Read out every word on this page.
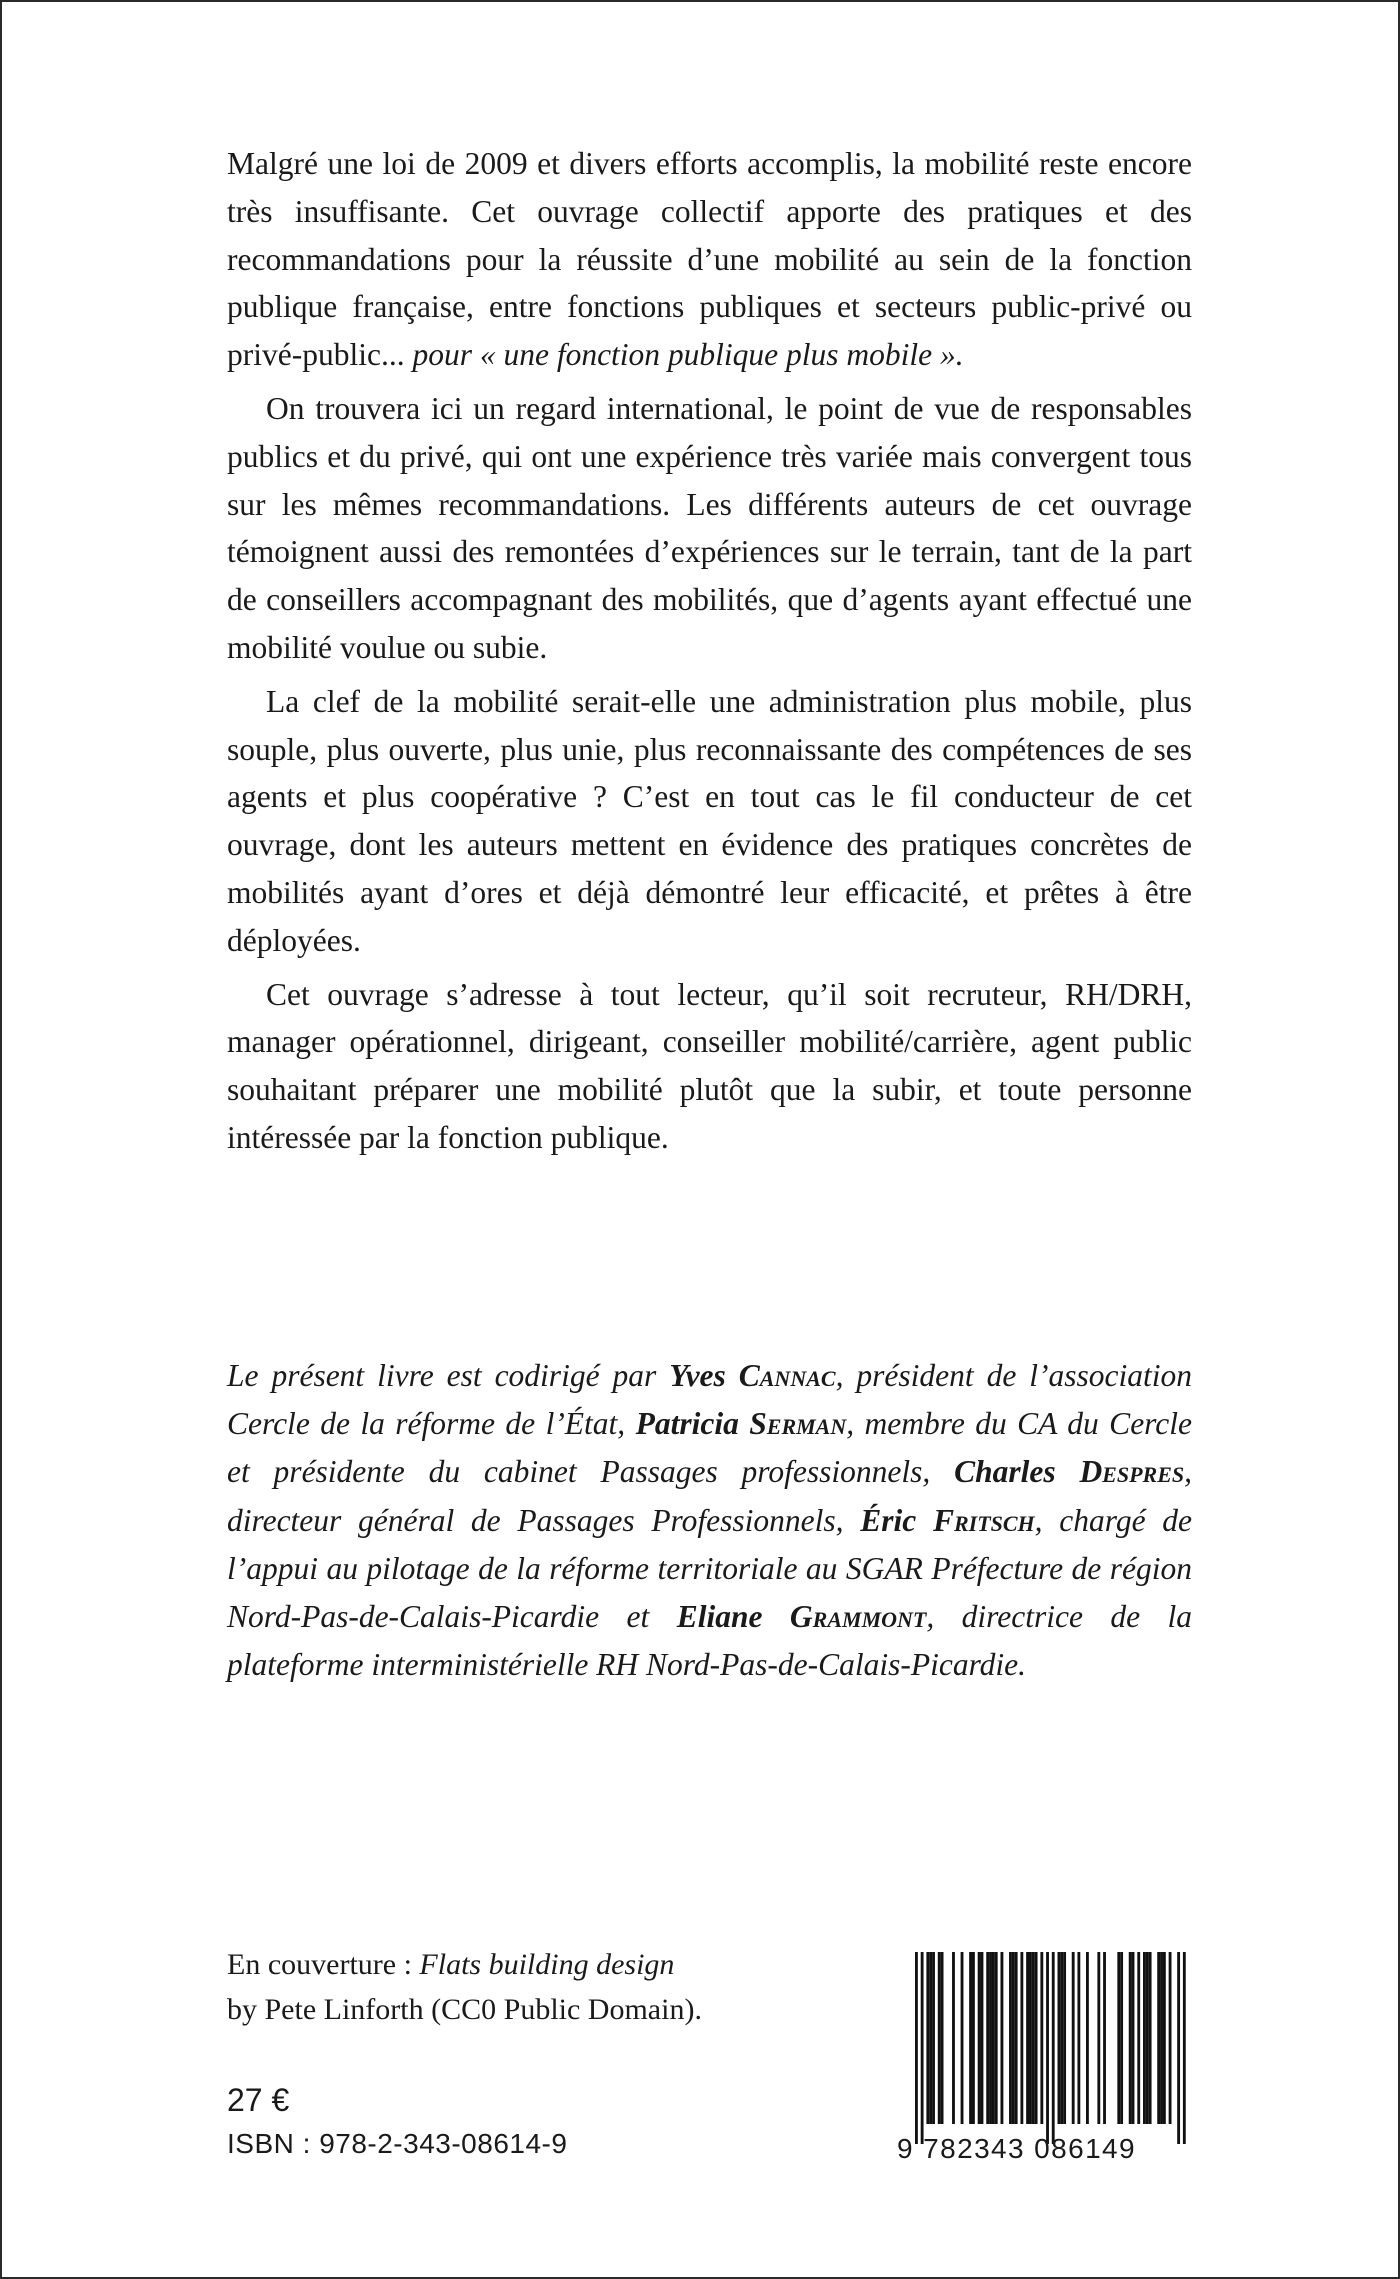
Malgré une loi de 2009 et divers efforts accomplis, la mobilité reste encore très insuffisante. Cet ouvrage collectif apporte des pratiques et des recommandations pour la réussite d’une mobilité au sein de la fonction publique française, entre fonctions publiques et secteurs public-privé ou privé-public... pour « une fonction publique plus mobile ».

On trouvera ici un regard international, le point de vue de responsables publics et du privé, qui ont une expérience très variée mais convergent tous sur les mêmes recommandations. Les différents auteurs de cet ouvrage témoignent aussi des remontées d’expériences sur le terrain, tant de la part de conseillers accompagnant des mobilités, que d’agents ayant effectué une mobilité voulue ou subie.

La clef de la mobilité serait-elle une administration plus mobile, plus souple, plus ouverte, plus unie, plus reconnaissante des compétences de ses agents et plus coopérative ? C’est en tout cas le fil conducteur de cet ouvrage, dont les auteurs mettent en évidence des pratiques concrètes de mobilités ayant d’ores et déjà démontré leur efficacité, et prêtes à être déployées.

Cet ouvrage s’adresse à tout lecteur, qu’il soit recruteur, RH/DRH, manager opérationnel, dirigeant, conseiller mobilité/carrière, agent public souhaitant préparer une mobilité plutôt que la subir, et toute personne intéressée par la fonction publique.

Le présent livre est codirigé par Yves Cannac, président de l’association Cercle de la réforme de l’État, Patricia Serman, membre du CA du Cercle et présidente du cabinet Passages professionnels, Charles Despres, directeur général de Passages Professionnels, Éric Fritsch, chargé de l’appui au pilotage de la réforme territoriale au SGAR Préfecture de région Nord-Pas-de-Calais-Picardie et Eliane Grammont, directrice de la plateforme interministérielle RH Nord-Pas-de-Calais-Picardie.
En couverture : Flats building design
by Pete Linforth (CC0 Public Domain).
27 €
ISBN : 978-2-343-08614-9	9 782343 086149
